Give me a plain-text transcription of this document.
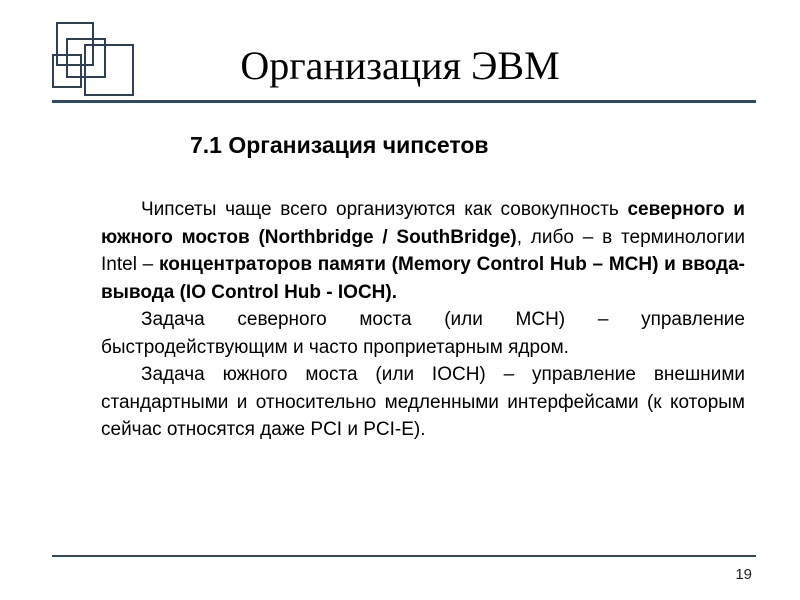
Организация ЭВМ
7.1 Организация чипсетов

Чипсеты чаще всего организуются как совокупность северного и южного мостов (Northbridge / SouthBridge), либо – в терминологии Intel – концентраторов памяти (Memory Control Hub – MCH) и ввода-вывода (IO Control Hub - IOCH).

Задача северного моста (или MCH) – управление быстродействующим и часто проприетарным ядром.

Задача южного моста (или IOCH) – управление внешними стандартными и относительно медленными интерфейсами (к которым сейчас относятся даже PCI и PCI-E).

19
